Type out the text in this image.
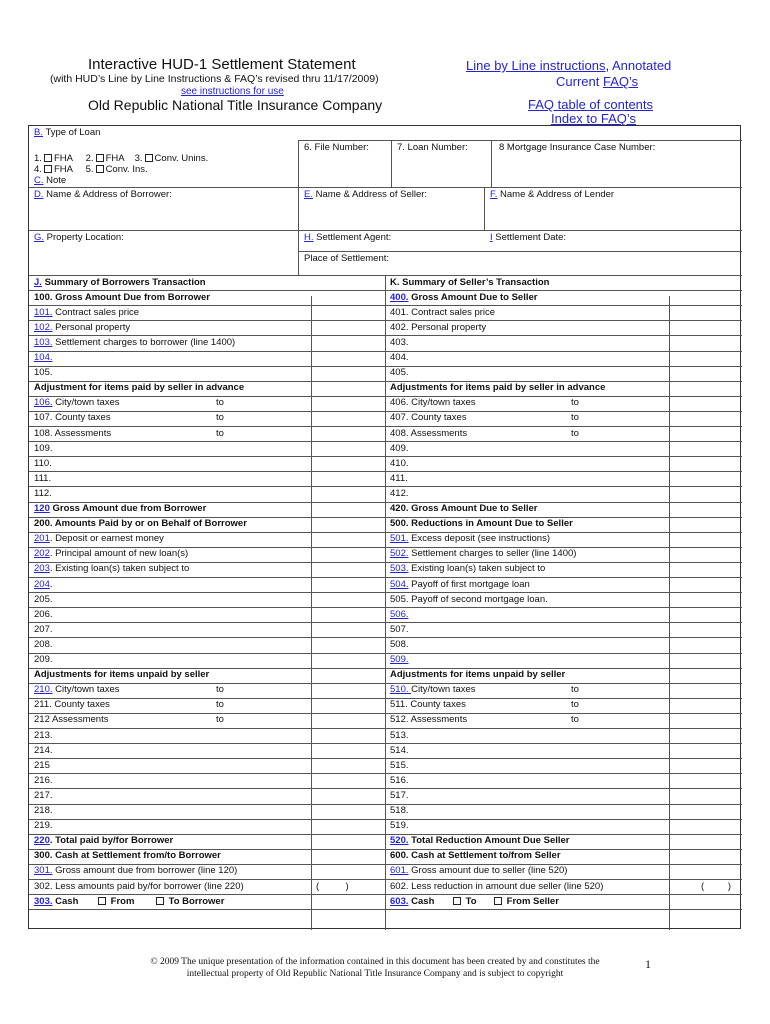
Interactive HUD-1 Settlement Statement
(with HUD’s Line by Line Instructions & FAQ’s revised thru 11/17/2009)
see instructions for use
Old Republic National Title Insurance Company
Line by Line instructions, Annotated
Current FAQ’s
FAQ table of contents
Index to FAQ’s
B. Type of Loan
6. File Number:	7. Loan Number:	8 Mortgage Insurance Case Number:
1. FHA 2. FHA 3. Conv. Unins.
4. FHA 5. Conv. Ins.
C. Note
D. Name & Address of Borrower:	E. Name & Address of Seller:	F. Name & Address of Lender
G. Property Location:	H. Settlement Agent:	I Settlement Date:
Place of Settlement:
J. Summary of Borrowers Transaction
100. Gross Amount Due from Borrower
101. Contract sales price
102. Personal property
103. Settlement charges to borrower (line 1400)
104.
105.
Adjustment for items paid by seller in advance
106. City/town taxes	to
107. County taxes	to
108. Assessments	to
109.
110.
111.
112.
120 Gross Amount due from Borrower
200. Amounts Paid by or on Behalf of Borrower
201. Deposit or earnest money
202. Principal amount of new loan(s)
203. Existing loan(s) taken subject to
204.
205.
206.
207.
208.
209.
Adjustments for items unpaid by seller
210. City/town taxes	to
211. County taxes	to
212 Assessments	to
213.
214.
215
216.
217.
218.
219.
220. Total paid by/for Borrower
300. Cash at Settlement from/to Borrower
301. Gross amount due from borrower (line 120)
302. Less amounts paid by/for borrower (line 220)	(          )
303. Cash	From	To Borrower
K. Summary of Seller’s Transaction
400. Gross Amount Due to Seller
401. Contract sales price
402. Personal property
403.
404.
405.
Adjustments for items paid by seller in advance
406. City/town taxes	to
407. County taxes	to
408. Assessments	to
409.
410.
411.
412.
420. Gross Amount Due to Seller
500. Reductions in Amount Due to Seller
501. Excess deposit (see instructions)
502. Settlement charges to seller (line 1400)
503. Existing loan(s) taken subject to
504. Payoff of first mortgage loan
505. Payoff of second mortgage loan.
506.
507.
508.
509.
Adjustments for items unpaid by seller
510. City/town taxes	to
511. County taxes	to
512. Assessments	to
513.
514.
515.
516.
517.
518.
519.
520. Total Reduction Amount Due Seller
600. Cash at Settlement to/from Seller
601. Gross amount due to seller (line 520)
602. Less reduction in amount due seller (line 520)	(         )
603. Cash	To	From Seller
© 2009 The unique presentation of the information contained in this document has been created by and constitutes the intellectual property of Old Republic National Title Insurance Company and is subject to copyright
1
